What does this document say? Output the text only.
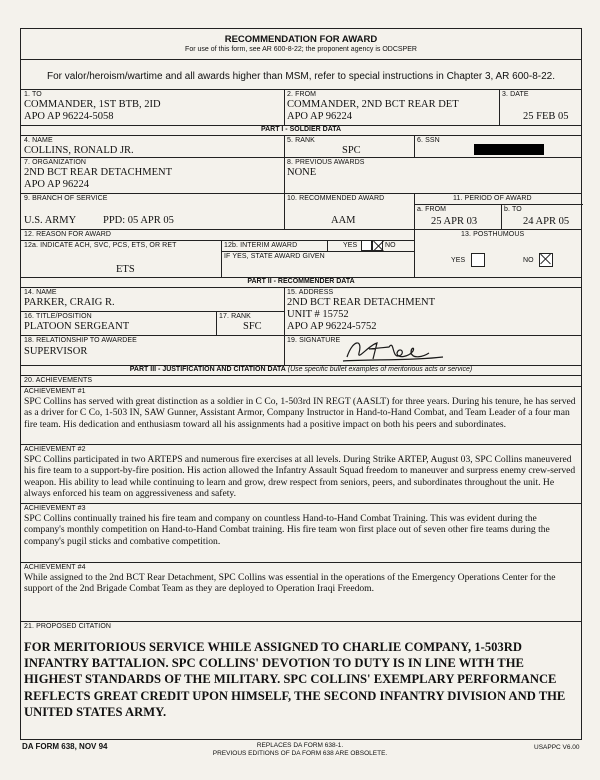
RECOMMENDATION FOR AWARD
For use of this form, see AR 600-8-22; the proponent agency is ODCSPER
For valor/heroism/wartime and all awards higher than MSM, refer to special instructions in Chapter 3, AR 600-8-22.
1. TO
COMMANDER, 1ST BTB, 2ID
APO AP 96224-5058
2. FROM
COMMANDER, 2ND BCT REAR DET
APO AP 96224
3. DATE
25 FEB 05
PART I - SOLDIER DATA
4. NAME
COLLINS, RONALD JR.
5. RANK
SPC
6. SSN
7. ORGANIZATION
2ND BCT REAR DETACHMENT
APO AP 96224
8. PREVIOUS AWARDS
NONE
9. BRANCH OF SERVICE
U.S. ARMY	PPD: 05 APR 05
10. RECOMMENDED AWARD
AAM
11. PERIOD OF AWARD
a. FROM
25 APR 03
b. TO
24 APR 05
12. REASON FOR AWARD
12a. INDICATE ACH, SVC, PCS, ETS, OR RET
ETS
12b. INTERIM AWARD	YES	NO
IF YES, STATE AWARD GIVEN
13. POSTHUMOUS
YES	NO
PART II - RECOMMENDER DATA
14. NAME
PARKER, CRAIG R.
15. ADDRESS
2ND BCT REAR DETACHMENT
UNIT # 15752
APO AP 96224-5752
16. TITLE/POSITION
PLATOON SERGEANT
17. RANK
SFC
18. RELATIONSHIP TO AWARDEE
SUPERVISOR
19. SIGNATURE
PART III - JUSTIFICATION AND CITATION DATA (Use specific bullet examples of meritorious acts or service)
20. ACHIEVEMENTS
ACHIEVEMENT #1
SPC Collins has served with great distinction as a soldier in C Co, 1-503rd IN REGT (AASLT) for three years. During his tenure, he has served as a driver for C Co, 1-503 IN, SAW Gunner, Assistant Armor, Company Instructor in Hand-to-Hand Combat, and Team Leader of a four man fire team. His dedication and enthusiasm toward all his assignments had a positive impact on both his peers and subordinates.
ACHIEVEMENT #2
SPC Collins participated in two ARTEPS and numerous fire exercises at all levels. During Strike ARTEP, August 03, SPC Collins maneuvered his fire team to a support-by-fire position. His action allowed the Infantry Assault Squad freedom to maneuver and surpress enemy crew-served weapon. His ability to lead while continuing to learn and grow, drew respect from seniors, peers, and subordinates throughout the unit. He always enforced his team on aggressiveness and safety.
ACHIEVEMENT #3
SPC Collins continually trained his fire team and company on countless Hand-to-Hand Combat Training. This was evident during the company's monthly competition on Hand-to-Hand Combat training. His fire team won first place out of seven other fire teams during the company's pugil sticks and combative competition.
ACHIEVEMENT #4
While assigned to the 2nd BCT Rear Detachment, SPC Collins was essential in the operations of the Emergency Operations Center for the support of the 2nd Brigade Combat Team as they are deployed to Operation Iraqi Freedom.
21. PROPOSED CITATION
FOR MERITORIOUS SERVICE WHILE ASSIGNED TO CHARLIE COMPANY, 1-503RD INFANTRY BATTALION. SPC COLLINS' DEVOTION TO DUTY IS IN LINE WITH THE HIGHEST STANDARDS OF THE MILITARY. SPC COLLINS' EXEMPLARY PERFORMANCE REFLECTS GREAT CREDIT UPON HIMSELF, THE SECOND INFANTRY DIVISION AND THE UNITED STATES ARMY.
DA FORM 638, NOV 94	REPLACES DA FORM 638-1.
PREVIOUS EDITIONS OF DA FORM 638 ARE OBSOLETE.
USAPPC V6.00
